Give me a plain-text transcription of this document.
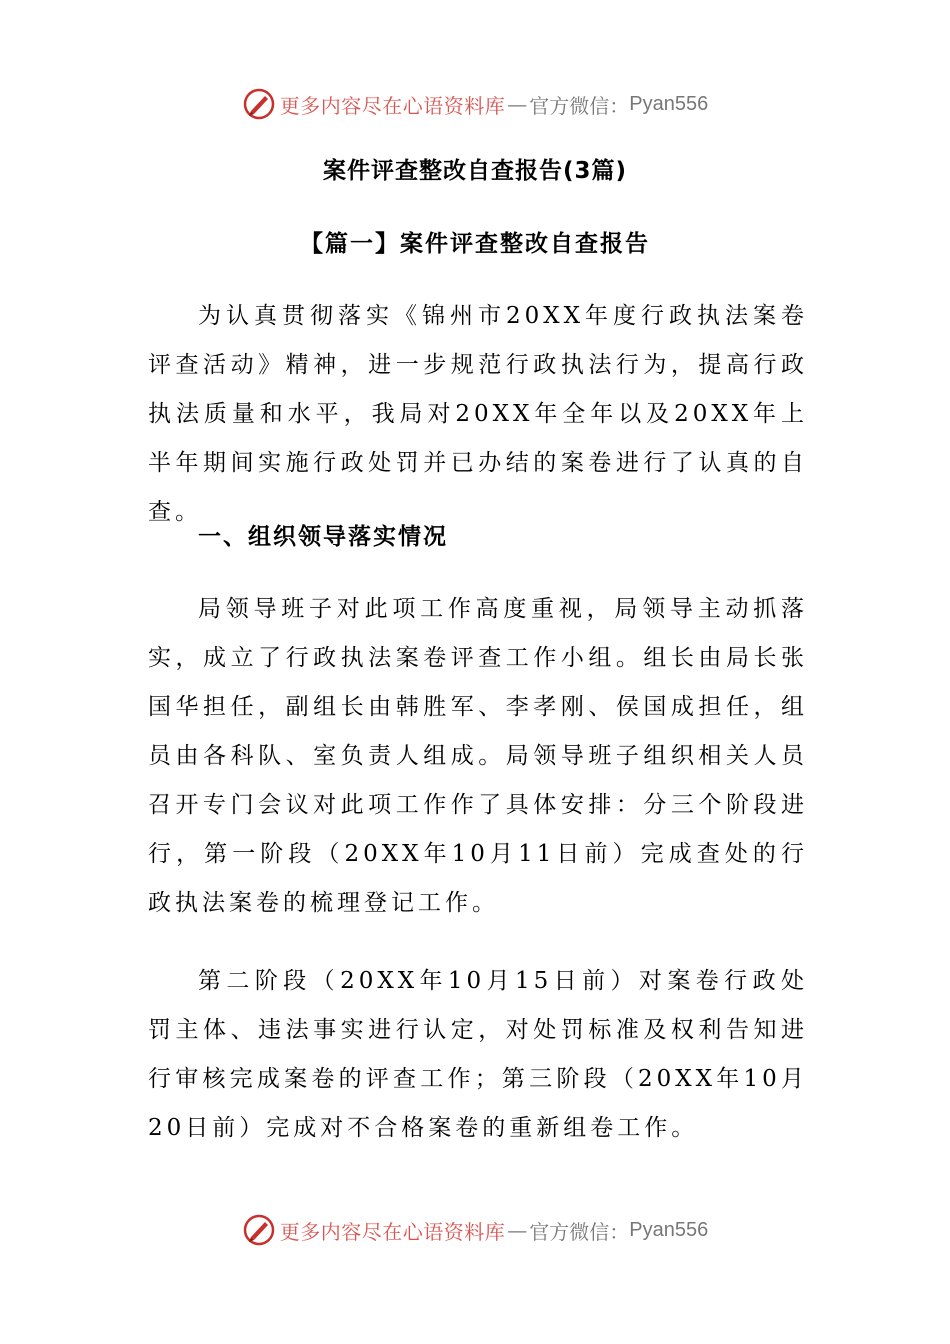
更多内容尽在心语资料库 — 官方微信： Pyan556
案件评查整改自查报告(3篇)
【篇一】案件评查整改自查报告

为认真贯彻落实《锦州市20XX年度行政执法案卷评查活动》精神，进一步规范行政执法行为，提高行政执法质量和水平，我局对20XX年全年以及20XX年上半年期间实施行政处罚并已办结的案卷进行了认真的自查。

一、组织领导落实情况

局领导班子对此项工作高度重视，局领导主动抓落实，成立了行政执法案卷评查工作小组。组长由局长张国华担任，副组长由韩胜军、李孝刚、侯国成担任，组员由各科队、室负责人组成。局领导班子组织相关人员召开专门会议对此项工作作了具体安排：分三个阶段进行，第一阶段（20XX年10月11日前）完成查处的行政执法案卷的梳理登记工作。

第二阶段（20XX年10月15日前）对案卷行政处罚主体、违法事实进行认定，对处罚标准及权利告知进行审核完成案卷的评查工作；第三阶段（20XX年10月20日前）完成对不合格案卷的重新组卷工作。

更多内容尽在心语资料库 — 官方微信： Pyan556
